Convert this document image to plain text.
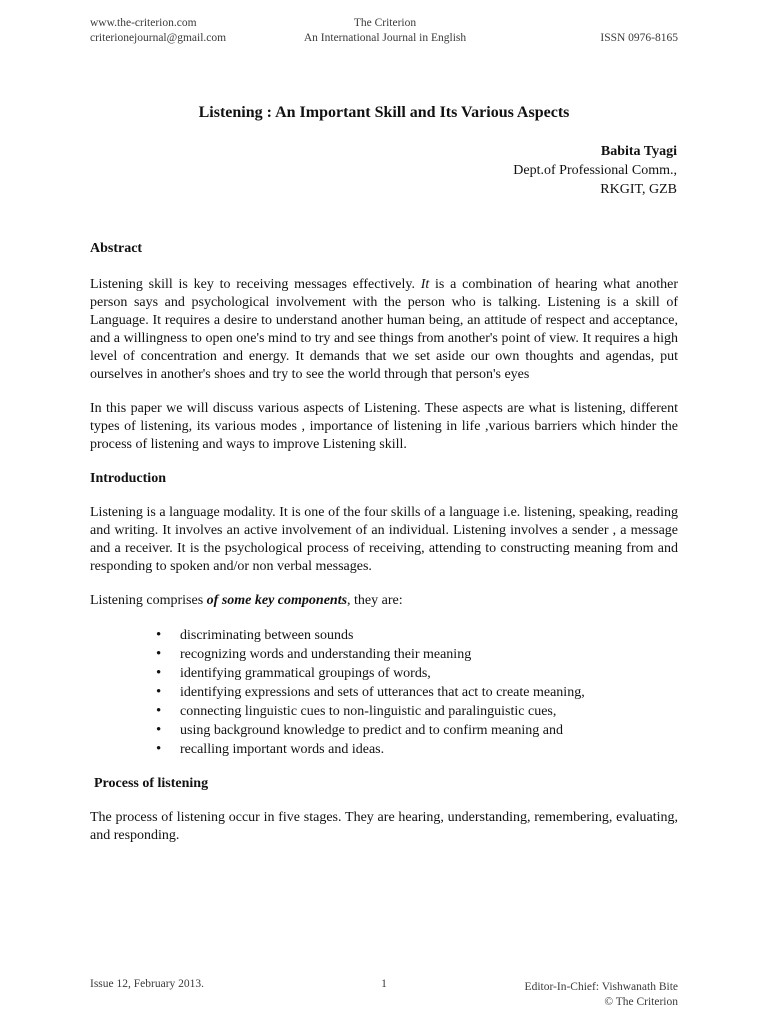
www.the-criterion.com
criterionejournal@gmail.com
The Criterion
An International Journal in English	ISSN 0976-8165
Listening : An Important Skill and Its Various Aspects
Babita Tyagi
Dept.of Professional Comm.,
RKGIT, GZB
Abstract

Listening skill is key to receiving messages effectively. It is a combination of hearing what another person says and psychological involvement with the person who is talking. Listening is a skill of Language. It requires a desire to understand another human being, an attitude of respect and acceptance, and a willingness to open one's mind to try and see things from another's point of view. It requires a high level of concentration and energy. It demands that we set aside our own thoughts and agendas, put ourselves in another's shoes and try to see the world through that person's eyes

In this paper we will discuss various aspects of Listening. These aspects are what is listening, different types of listening, its various modes , importance of listening in life ,various barriers which hinder the process of listening and ways to improve Listening skill.

Introduction

Listening is a language modality. It is one of the four skills of a language i.e. listening, speaking, reading and writing. It involves an active involvement of an individual. Listening involves a sender , a message and a receiver. It is the psychological process of receiving, attending to constructing meaning from and responding to spoken and/or non verbal messages.

Listening comprises of some key components, they are:

• discriminating between sounds
• recognizing words and understanding their meaning
• identifying grammatical groupings of words,
• identifying expressions and sets of utterances that act to create meaning,
• connecting linguistic cues to non-linguistic and paralinguistic cues,
• using background knowledge to predict and to confirm meaning and
• recalling important words and ideas.
Process of listening

The process of listening occur in five stages. They are hearing, understanding, remembering, evaluating, and responding.

Issue 12, February 2013.	1	Editor-In-Chief: Vishwanath Bite
© The Criterion
